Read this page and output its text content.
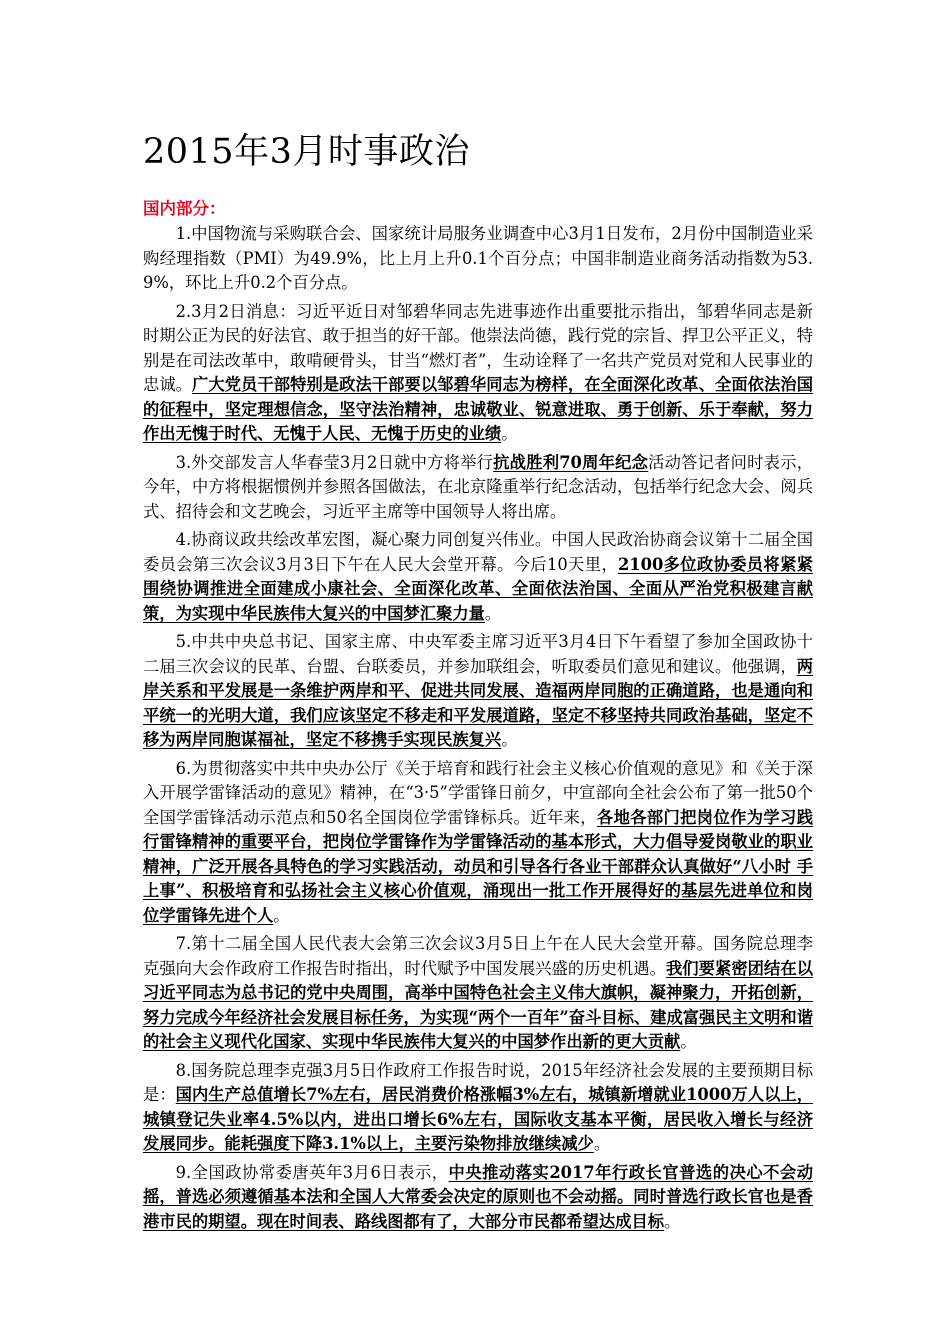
2015年3月时事政治
国内部分：

1.中国物流与采购联合会、国家统计局服务业调查中心3月1日发布，2月份中国制造业采购经理指数（PMI）为49.9%，比上月上升0.1个百分点；中国非制造业商务活动指数为53.9%，环比上升0.2个百分点。

2.3月2日消息：习近平近日对邹碧华同志先进事迹作出重要批示指出，邹碧华同志是新时期公正为民的好法官、敢于担当的好干部。他崇法尚德，践行党的宗旨、捍卫公平正义，特别是在司法改革中，敢啃硬骨头，甘当“燃灯者”，生动诠释了一名共产党员对党和人民事业的忠诚。广大党员干部特别是政法干部要以邹碧华同志为榜样，在全面深化改革、全面依法治国的征程中，坚定理想信念，坚守法治精神，忠诚敬业、锐意进取、勇于创新、乐于奉献，努力作出无愧于时代、无愧于人民、无愧于历史的业绩。

3.外交部发言人华春莹3月2日就中方将举行抗战胜利70周年纪念活动答记者问时表示，今年，中方将根据惯例并参照各国做法，在北京隆重举行纪念活动，包括举行纪念大会、阅兵式、招待会和文艺晚会，习近平主席等中国领导人将出席。

4.协商议政共绘改革宏图，凝心聚力同创复兴伟业。中国人民政治协商会议第十二届全国委员会第三次会议3月3日下午在人民大会堂开幕。今后10天里，2100多位政协委员将紧紧围绕协调推进全面建成小康社会、全面深化改革、全面依法治国、全面从严治党积极建言献策，为实现中华民族伟大复兴的中国梦汇聚力量。

5.中共中央总书记、国家主席、中央军委主席习近平3月4日下午看望了参加全国政协十二届三次会议的民革、台盟、台联委员，并参加联组会，听取委员们意见和建议。他强调，两岸关系和平发展是一条维护两岸和平、促进共同发展、造福两岸同胞的正确道路，也是通向和平统一的光明大道，我们应该坚定不移走和平发展道路，坚定不移坚持共同政治基础，坚定不移为两岸同胞谋福祉，坚定不移携手实现民族复兴。

6.为贯彻落实中共中央办公厅《关于培育和践行社会主义核心价值观的意见》和《关于深入开展学雷锋活动的意见》精神，在“3·5”学雷锋日前夕，中宣部向全社会公布了第一批50个全国学雷锋活动示范点和50名全国岗位学雷锋标兵。近年来，各地各部门把岗位作为学习践行雷锋精神的重要平台，把岗位学雷锋作为学雷锋活动的基本形式，大力倡导爱岗敬业的职业精神，广泛开展各具特色的学习实践活动，动员和引导各行各业干部群众认真做好“八小时 手上事”、积极培育和弘扬社会主义核心价值观，涌现出一批工作开展得好的基层先进单位和岗位学雷锋先进个人。

7.第十二届全国人民代表大会第三次会议3月5日上午在人民大会堂开幕。国务院总理李克强向大会作政府工作报告时指出，时代赋予中国发展兴盛的历史机遇。我们要紧密团结在以习近平同志为总书记的党中央周围，高举中国特色社会主义伟大旗帜，凝神聚力，开拓创新，努力完成今年经济社会发展目标任务，为实现“两个一百年”奋斗目标、建成富强民主文明和谐的社会主义现代化国家、实现中华民族伟大复兴的中国梦作出新的更大贡献。

8.国务院总理李克强3月5日作政府工作报告时说，2015年经济社会发展的主要预期目标是：国内生产总值增长7%左右，居民消费价格涨幅3%左右，城镇新增就业1000万人以上，城镇登记失业率4.5%以内，进出口增长6%左右，国际收支基本平衡，居民收入增长与经济发展同步。能耗强度下降3.1%以上，主要污染物排放继续减少。

9.全国政协常委唐英年3月6日表示，中央推动落实2017年行政长官普选的决心不会动摇，普选必须遵循基本法和全国人大常委会决定的原则也不会动摇。同时普选行政长官也是香港市民的期望。现在时间表、路线图都有了，大部分市民都希望达成目标。
